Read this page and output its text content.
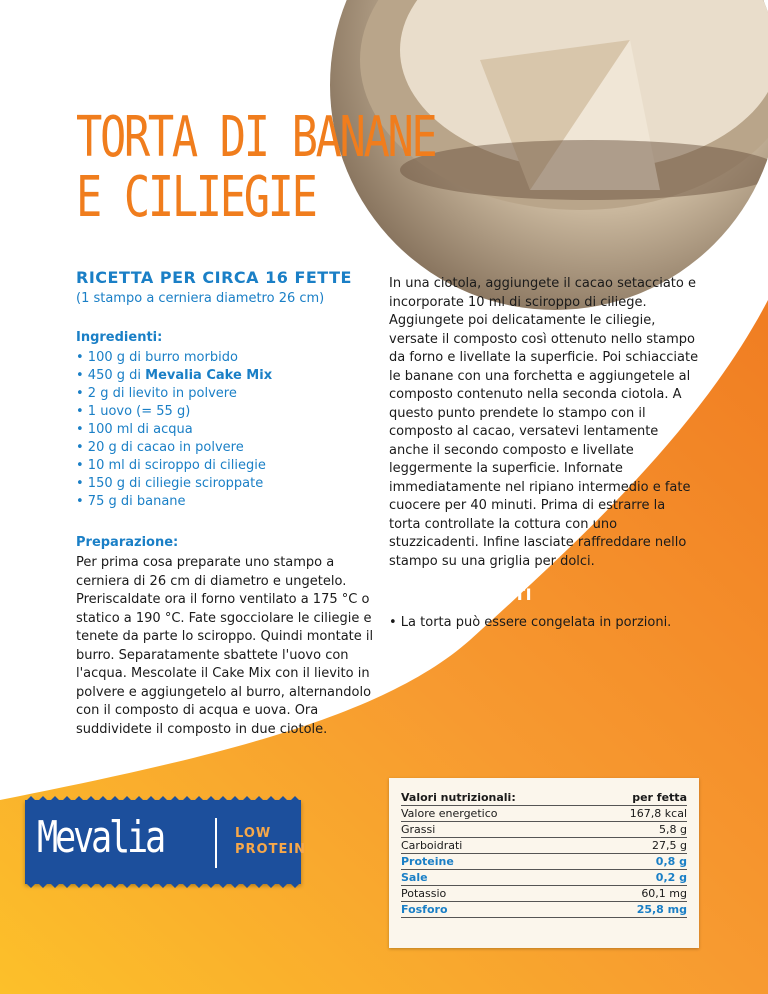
TORTA DI BANANE
E CILIEGIE
RICETTA PER CIRCA 16 FETTE
(1 stampo a cerniera diametro 26 cm)
Ingredienti:
• 100 g di burro morbido
• 450 g di Mevalia Cake Mix
• 2 g di lievito in polvere
• 1 uovo (= 55 g)
• 100 ml di acqua
• 20 g di cacao in polvere
• 10 ml di sciroppo di ciliegie
• 150 g di ciliegie sciroppate
• 75 g di banane
Preparazione:
Per prima cosa preparate uno stampo a cerniera di 26 cm di diametro e ungetelo. Preriscaldate ora il forno ventilato a 175 °C o statico a 190 °C. Fate sgocciolare le ciliegie e tenete da parte lo sciroppo. Quindi montate il burro. Separatamente sbattete l'uovo con l'acqua. Mescolate il Cake Mix con il lievito in polvere e aggiungetelo al burro, alternandolo con il composto di acqua e uova. Ora suddividete il composto in due ciotole.
In una ciotola, aggiungete il cacao setacciato e incorporate 10 ml di sciroppo di ciliege. Aggiungete poi delicatamente le ciliegie, versate il composto così ottenuto nello stampo da forno e livellate la superficie. Poi schiacciate le banane con una forchetta e aggiungetele al composto contenuto nella seconda ciotola. A questo punto prendete lo stampo con il composto al cacao, versatevi lentamente anche il secondo composto e livellate leggermente la superficie. Infornate immediatamente nel ripiano intermedio e fate cuocere per 40 minuti. Prima di estrarre la torta controllate la cottura con uno stuzzicadenti. Infine lasciate raffreddare nello stampo su una griglia per dolci.
SUGGERIMENTI
• La torta può essere congelata in porzioni.
Mevalia	LOW
PROTEIN
Valori nutrizionali:	per fetta
Valore energetico	167,8 kcal
Grassi	5,8 g
Carboidrati	27,5 g
Proteine	0,8 g
Sale	0,2 g
Potassio	60,1 mg
Fosforo	25,8 mg
